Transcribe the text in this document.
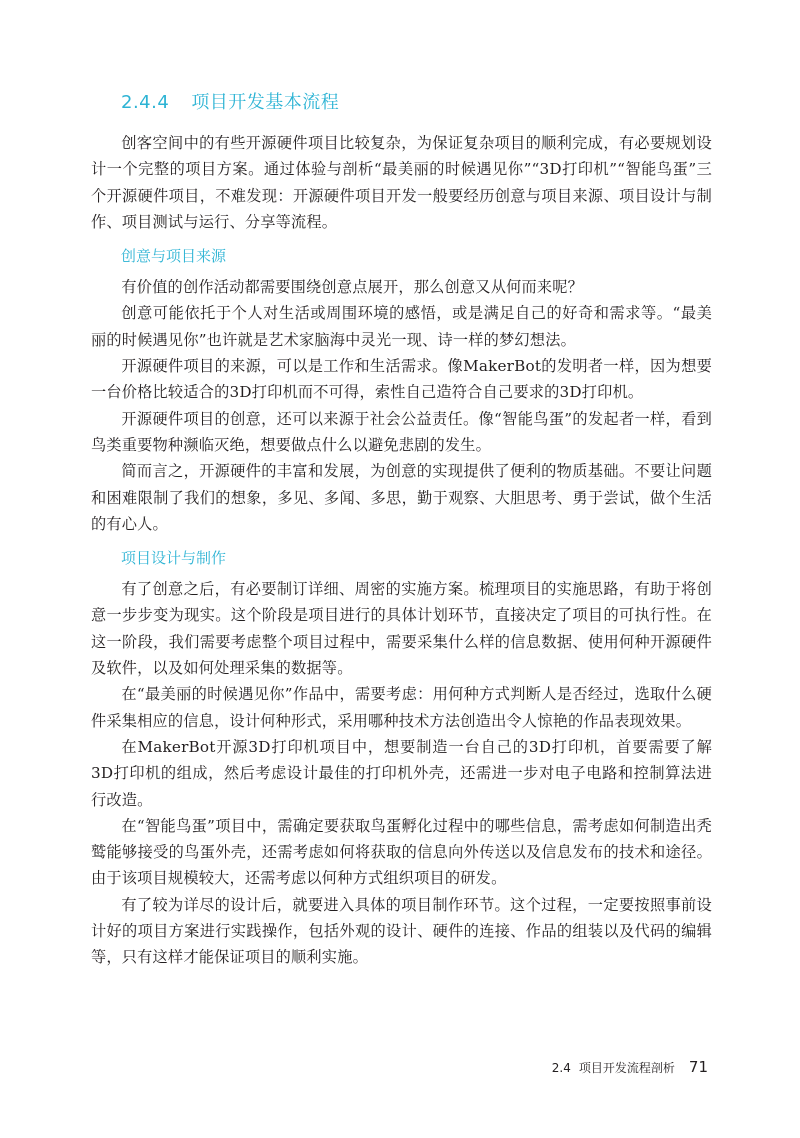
2.4.4 项目开发基本流程

创客空间中的有些开源硬件项目比较复杂，为保证复杂项目的顺利完成，有必要规划设计一个完整的项目方案。通过体验与剖析“最美丽的时候遇见你”“3D打印机”“智能鸟蛋”三个开源硬件项目，不难发现：开源硬件项目开发一般要经历创意与项目来源、项目设计与制作、项目测试与运行、分享等流程。

创意与项目来源

有价值的创作活动都需要围绕创意点展开，那么创意又从何而来呢？

创意可能依托于个人对生活或周围环境的感悟，或是满足自己的好奇和需求等。“最美丽的时候遇见你”也许就是艺术家脑海中灵光一现、诗一样的梦幻想法。

开源硬件项目的来源，可以是工作和生活需求。像MakerBot的发明者一样，因为想要一台价格比较适合的3D打印机而不可得，索性自己造符合自己要求的3D打印机。

开源硬件项目的创意，还可以来源于社会公益责任。像“智能鸟蛋”的发起者一样，看到鸟类重要物种濒临灭绝，想要做点什么以避免悲剧的发生。

简而言之，开源硬件的丰富和发展，为创意的实现提供了便利的物质基础。不要让问题和困难限制了我们的想象，多见、多闻、多思，勤于观察、大胆思考、勇于尝试，做个生活的有心人。

项目设计与制作

有了创意之后，有必要制订详细、周密的实施方案。梳理项目的实施思路，有助于将创意一步步变为现实。这个阶段是项目进行的具体计划环节，直接决定了项目的可执行性。在这一阶段，我们需要考虑整个项目过程中，需要采集什么样的信息数据、使用何种开源硬件及软件，以及如何处理采集的数据等。

在“最美丽的时候遇见你”作品中，需要考虑：用何种方式判断人是否经过，选取什么硬件采集相应的信息，设计何种形式，采用哪种技术方法创造出令人惊艳的作品表现效果。

在MakerBot开源3D打印机项目中，想要制造一台自己的3D打印机，首要需要了解3D打印机的组成，然后考虑设计最佳的打印机外壳，还需进一步对电子电路和控制算法进行改造。

在“智能鸟蛋”项目中，需确定要获取鸟蛋孵化过程中的哪些信息，需考虑如何制造出秃鹫能够接受的鸟蛋外壳，还需考虑如何将获取的信息向外传送以及信息发布的技术和途径。由于该项目规模较大，还需考虑以何种方式组织项目的研发。

有了较为详尽的设计后，就要进入具体的项目制作环节。这个过程，一定要按照事前设计好的项目方案进行实践操作，包括外观的设计、硬件的连接、作品的组装以及代码的编辑等，只有这样才能保证项目的顺利实施。

2.4 项目开发流程剖析 71
